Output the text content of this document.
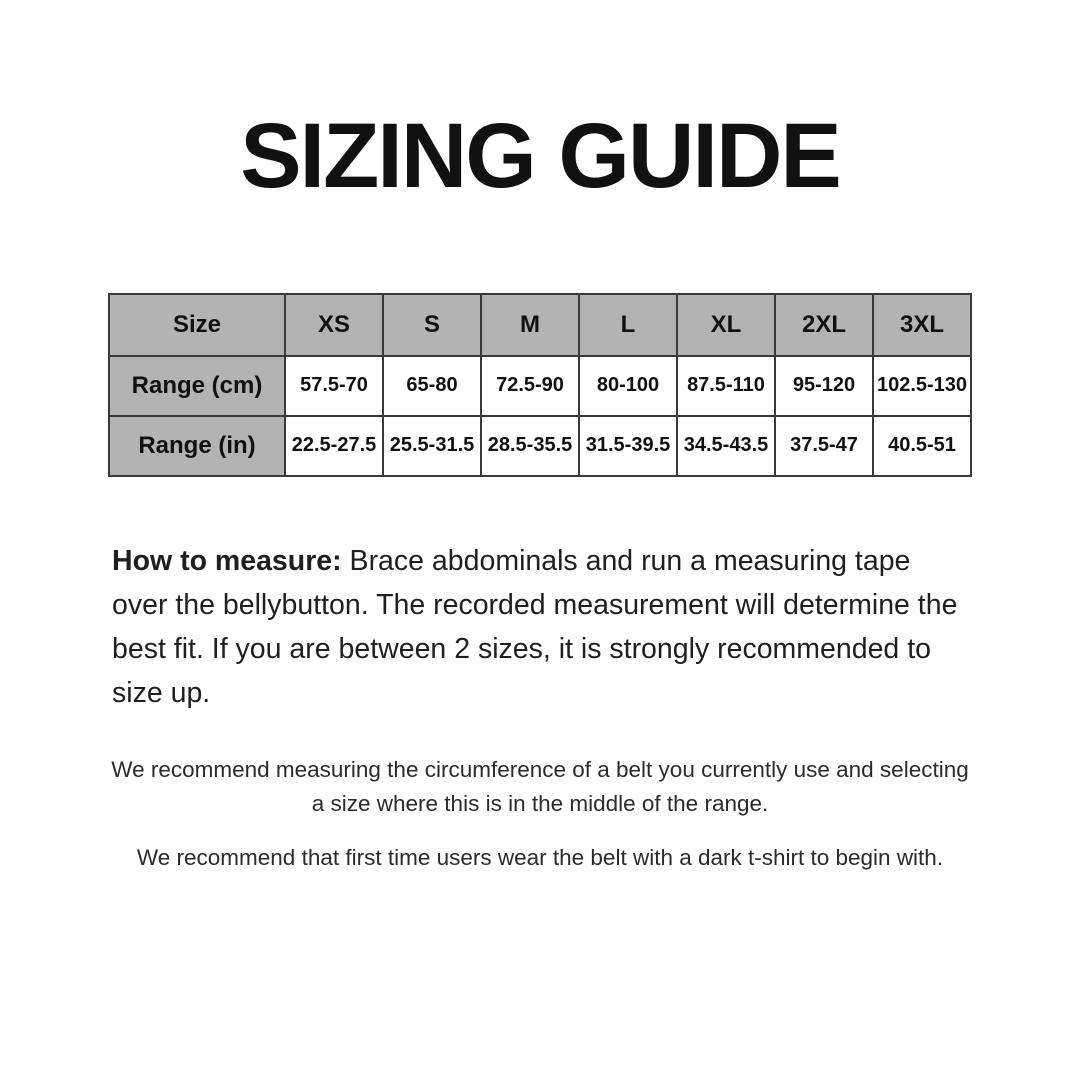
SIZING GUIDE
Size	XS	S	M	L	XL	2XL	3XL
Range (cm)	57.5-70	65-80	72.5-90	80-100	87.5-110	95-120	102.5-130
Range (in)	22.5-27.5	25.5-31.5	28.5-35.5	31.5-39.5	34.5-43.5	37.5-47	40.5-51
How to measure: Brace abdominals and run a measuring tape over the bellybutton. The recorded measurement will determine the best fit. If you are between 2 sizes, it is strongly recommended to size up.

We recommend measuring the circumference of a belt you currently use and selecting a size where this is in the middle of the range.

We recommend that first time users wear the belt with a dark t-shirt to begin with.
